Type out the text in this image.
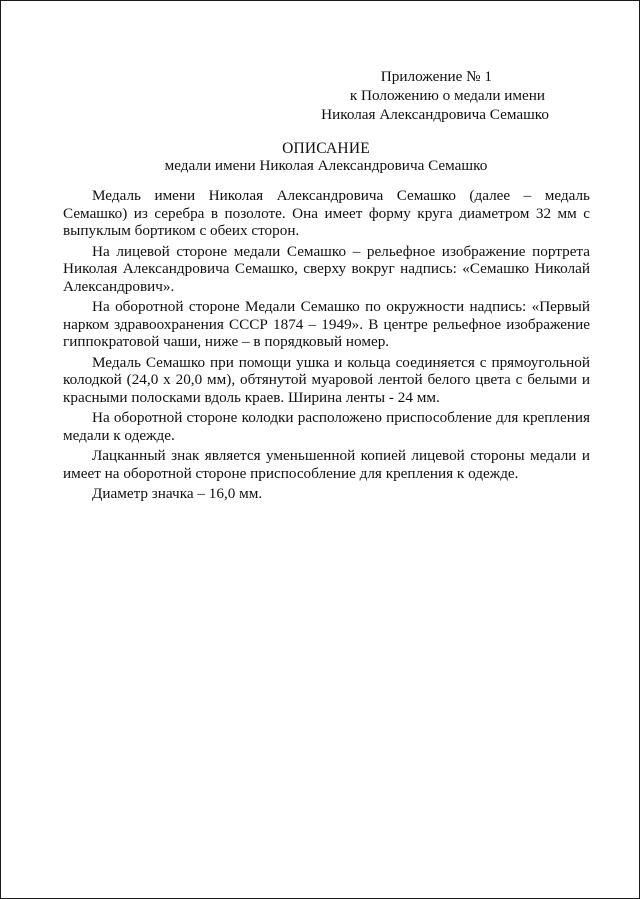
Приложение № 1
к Положению о медали имени
Николая Александровича Семашко
ОПИСАНИЕ
медали имени Николая Александровича Семашко

Медаль имени Николая Александровича Семашко (далее – медаль Семашко) из серебра в позолоте. Она имеет форму круга диаметром 32 мм с выпуклым бортиком с обеих сторон.

На лицевой стороне медали Семашко – рельефное изображение портрета Николая Александровича Семашко, сверху вокруг надпись: «Семашко Николай Александрович».

На оборотной стороне Медали Семашко по окружности надпись: «Первый нарком здравоохранения СССР 1874 – 1949». В центре рельефное изображение гиппократовой чаши, ниже – в порядковый номер.

Медаль Семашко при помощи ушка и кольца соединяется с прямоугольной колодкой (24,0 x 20,0 мм), обтянутой муаровой лентой белого цвета с белыми и красными полосками вдоль краев. Ширина ленты - 24 мм.

На оборотной стороне колодки расположено приспособление для крепления медали к одежде.

Лацканный знак является уменьшенной копией лицевой стороны медали и имеет на оборотной стороне приспособление для крепления к одежде.

Диаметр значка – 16,0 мм.
